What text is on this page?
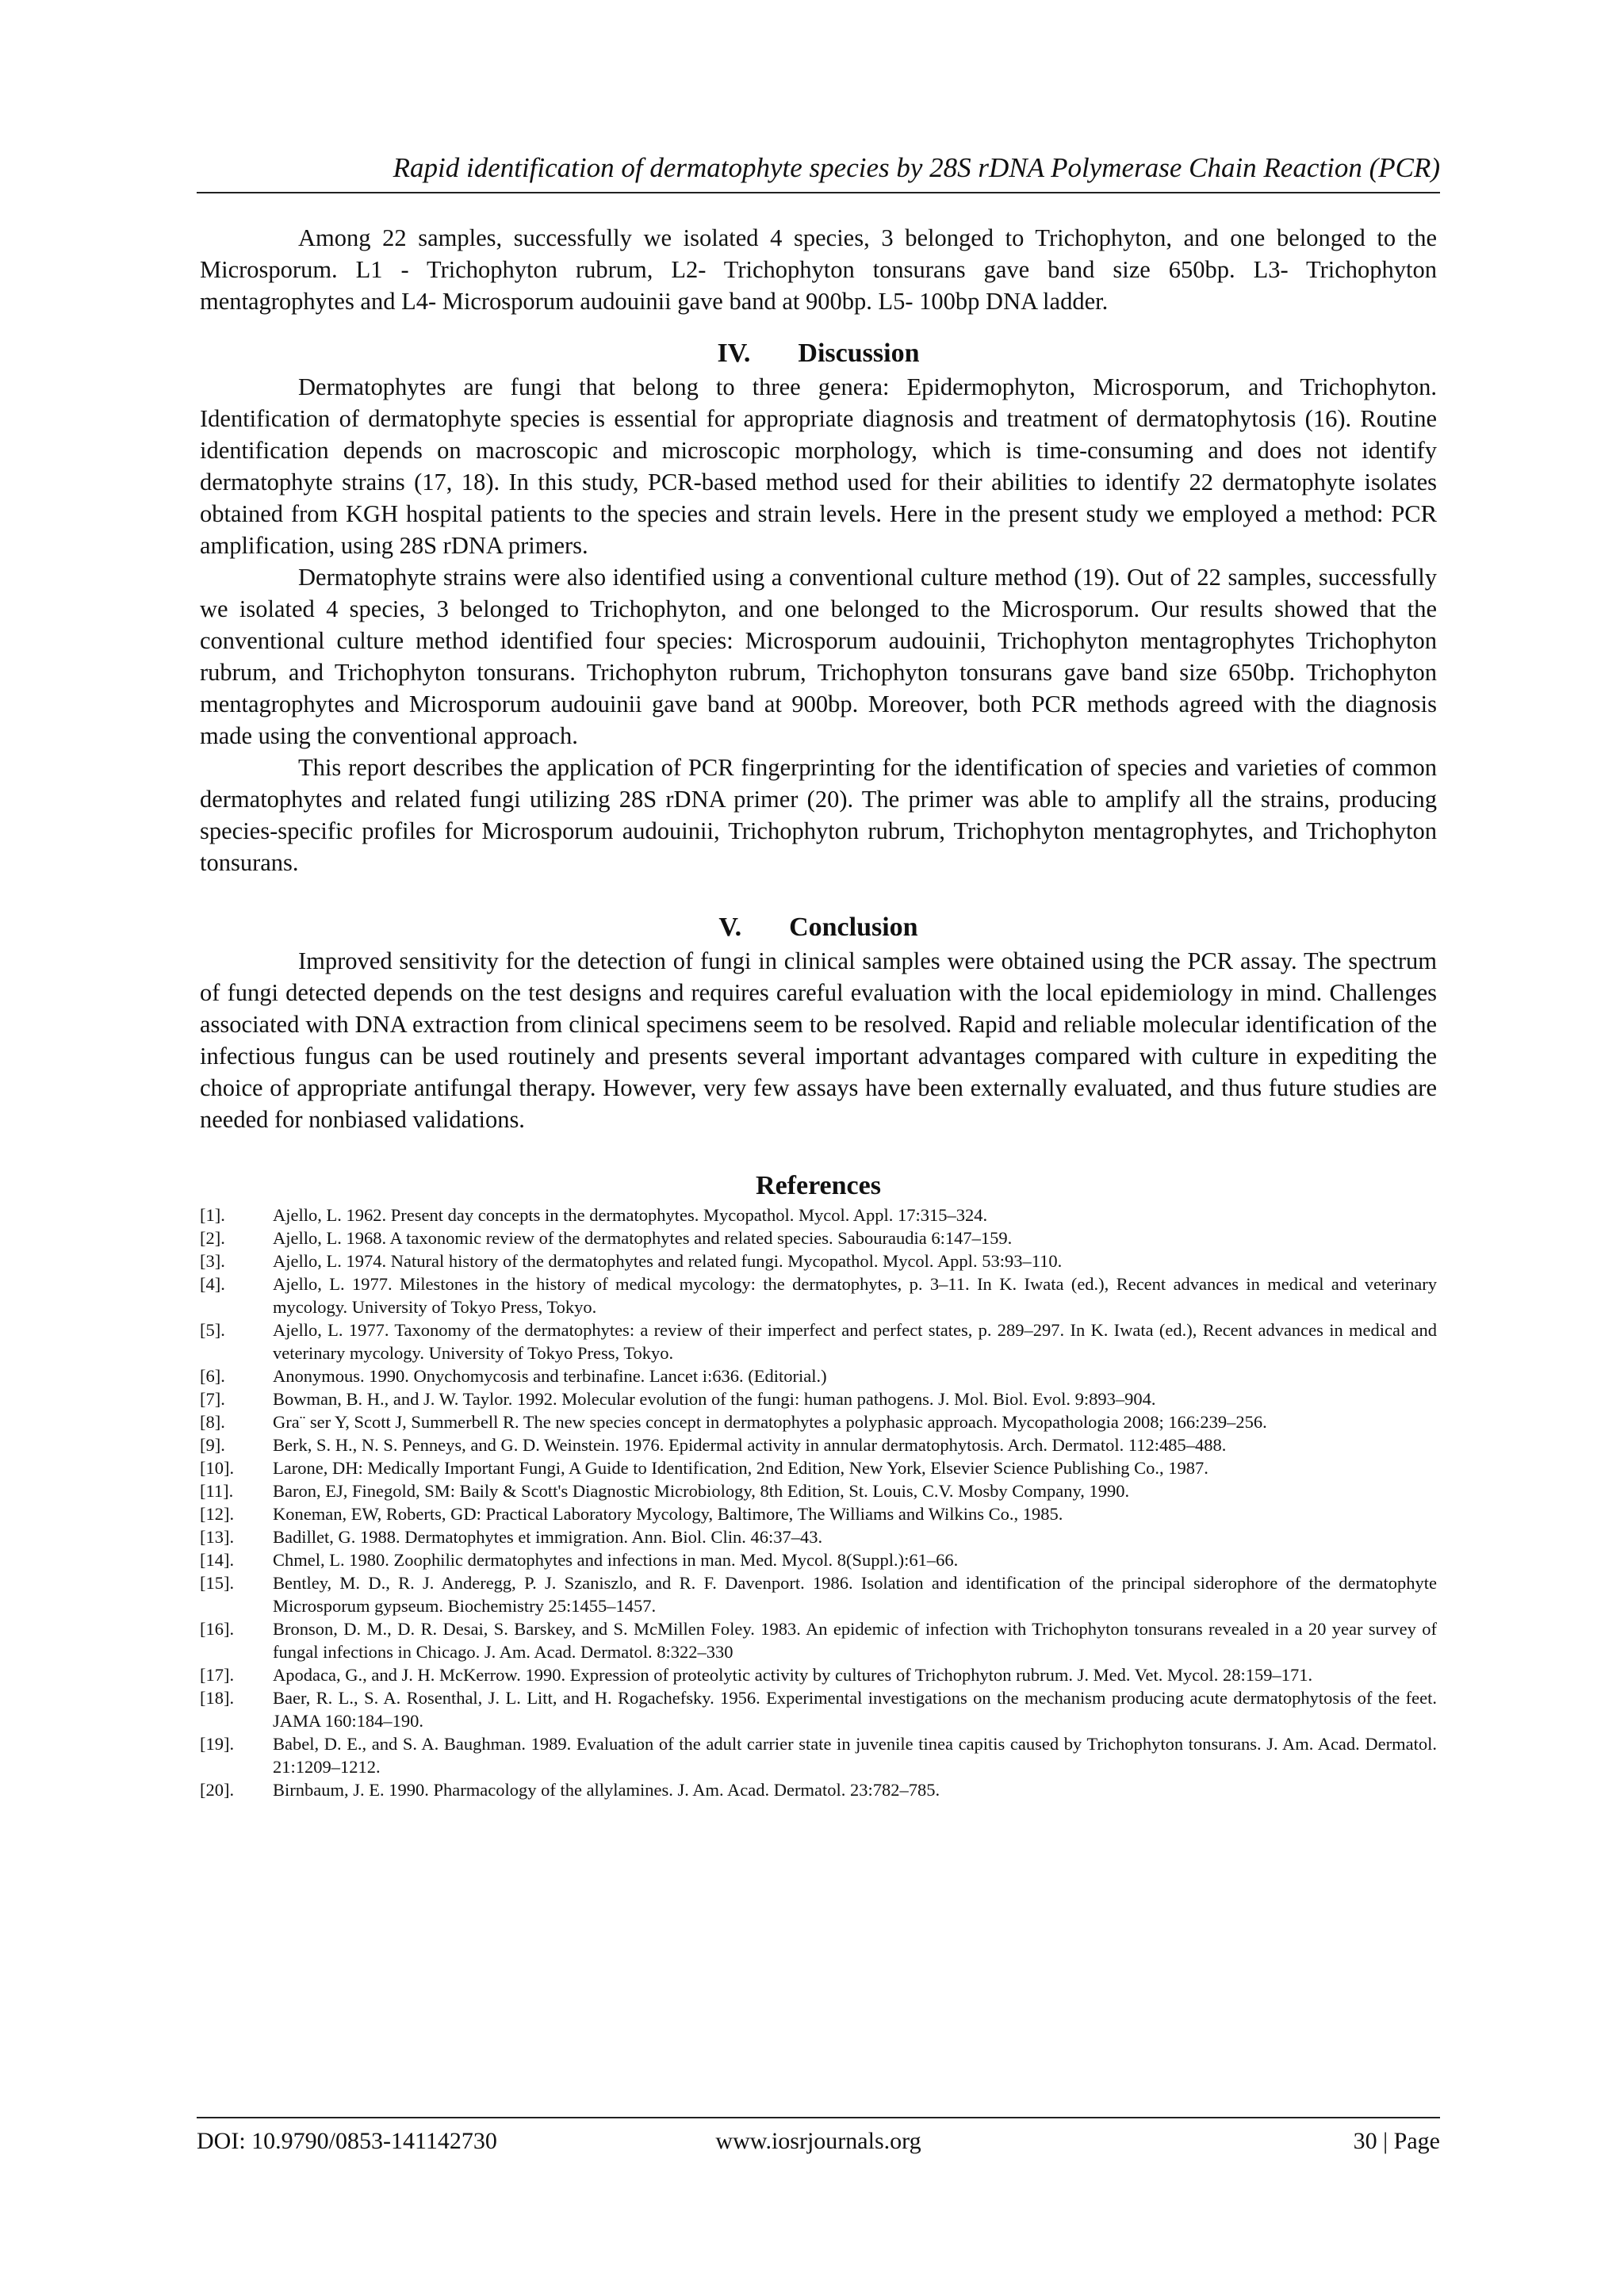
Rapid identification of dermatophyte species by 28S rDNA Polymerase Chain Reaction (PCR)

Among 22 samples, successfully we isolated 4 species, 3 belonged to Trichophyton, and one belonged to the Microsporum. L1 - Trichophyton rubrum, L2- Trichophyton tonsurans gave band size 650bp. L3- Trichophyton mentagrophytes and L4- Microsporum audouinii gave band at 900bp. L5- 100bp DNA ladder.

IV. Discussion

Dermatophytes are fungi that belong to three genera: Epidermophyton, Microsporum, and Trichophyton. Identification of dermatophyte species is essential for appropriate diagnosis and treatment of dermatophytosis (16). Routine identification depends on macroscopic and microscopic morphology, which is time-consuming and does not identify dermatophyte strains (17, 18). In this study, PCR-based method used for their abilities to identify 22 dermatophyte isolates obtained from KGH hospital patients to the species and strain levels. Here in the present study we employed a method: PCR amplification, using 28S rDNA primers.

Dermatophyte strains were also identified using a conventional culture method (19). Out of 22 samples, successfully we isolated 4 species, 3 belonged to Trichophyton, and one belonged to the Microsporum. Our results showed that the conventional culture method identified four species: Microsporum audouinii, Trichophyton mentagrophytes Trichophyton rubrum, and Trichophyton tonsurans. Trichophyton rubrum, Trichophyton tonsurans gave band size 650bp. Trichophyton mentagrophytes and Microsporum audouinii gave band at 900bp. Moreover, both PCR methods agreed with the diagnosis made using the conventional approach.

This report describes the application of PCR fingerprinting for the identification of species and varieties of common dermatophytes and related fungi utilizing 28S rDNA primer (20). The primer was able to amplify all the strains, producing species-specific profiles for Microsporum audouinii, Trichophyton rubrum, Trichophyton mentagrophytes, and Trichophyton tonsurans.

V. Conclusion

Improved sensitivity for the detection of fungi in clinical samples were obtained using the PCR assay. The spectrum of fungi detected depends on the test designs and requires careful evaluation with the local epidemiology in mind. Challenges associated with DNA extraction from clinical specimens seem to be resolved. Rapid and reliable molecular identification of the infectious fungus can be used routinely and presents several important advantages compared with culture in expediting the choice of appropriate antifungal therapy. However, very few assays have been externally evaluated, and thus future studies are needed for nonbiased validations.

References
[1].	Ajello, L. 1962. Present day concepts in the dermatophytes. Mycopathol. Mycol. Appl. 17:315–324.
[2].	Ajello, L. 1968. A taxonomic review of the dermatophytes and related species. Sabouraudia 6:147–159.
[3].	Ajello, L. 1974. Natural history of the dermatophytes and related fungi. Mycopathol. Mycol. Appl. 53:93–110.
[4].	Ajello, L. 1977. Milestones in the history of medical mycology: the dermatophytes, p. 3–11. In K. Iwata (ed.), Recent advances in medical and veterinary mycology. University of Tokyo Press, Tokyo.
[5].	Ajello, L. 1977. Taxonomy of the dermatophytes: a review of their imperfect and perfect states, p. 289–297. In K. Iwata (ed.), Recent advances in medical and veterinary mycology. University of Tokyo Press, Tokyo.
[6].	Anonymous. 1990. Onychomycosis and terbinafine. Lancet i:636. (Editorial.)
[7].	Bowman, B. H., and J. W. Taylor. 1992. Molecular evolution of the fungi: human pathogens. J. Mol. Biol. Evol. 9:893–904.
[8].	Gra¨ ser Y, Scott J, Summerbell R. The new species concept in dermatophytes a polyphasic approach. Mycopathologia 2008; 166:239–256.
[9].	Berk, S. H., N. S. Penneys, and G. D. Weinstein. 1976. Epidermal activity in annular dermatophytosis. Arch. Dermatol. 112:485–488.
[10].	Larone, DH: Medically Important Fungi, A Guide to Identification, 2nd Edition, New York, Elsevier Science Publishing Co., 1987.
[11].	Baron, EJ, Finegold, SM: Baily & Scott's Diagnostic Microbiology, 8th Edition, St. Louis, C.V. Mosby Company, 1990.
[12].	Koneman, EW, Roberts, GD: Practical Laboratory Mycology, Baltimore, The Williams and Wilkins Co., 1985.
[13].	Badillet, G. 1988. Dermatophytes et immigration. Ann. Biol. Clin. 46:37–43.
[14].	Chmel, L. 1980. Zoophilic dermatophytes and infections in man. Med. Mycol. 8(Suppl.):61–66.
[15].	Bentley, M. D., R. J. Anderegg, P. J. Szaniszlo, and R. F. Davenport. 1986. Isolation and identification of the principal siderophore of the dermatophyte Microsporum gypseum. Biochemistry 25:1455–1457.
[16].	Bronson, D. M., D. R. Desai, S. Barskey, and S. McMillen Foley. 1983. An epidemic of infection with Trichophyton tonsurans revealed in a 20 year survey of fungal infections in Chicago. J. Am. Acad. Dermatol. 8:322–330
[17].	Apodaca, G., and J. H. McKerrow. 1990. Expression of proteolytic activity by cultures of Trichophyton rubrum. J. Med. Vet. Mycol. 28:159–171.
[18].	Baer, R. L., S. A. Rosenthal, J. L. Litt, and H. Rogachefsky. 1956. Experimental investigations on the mechanism producing acute dermatophytosis of the feet. JAMA 160:184–190.
[19].	Babel, D. E., and S. A. Baughman. 1989. Evaluation of the adult carrier state in juvenile tinea capitis caused by Trichophyton tonsurans. J. Am. Acad. Dermatol. 21:1209–1212.
[20].	Birnbaum, J. E. 1990. Pharmacology of the allylamines. J. Am. Acad. Dermatol. 23:782–785.
DOI: 10.9790/0853-141142730	www.iosrjournals.org	30 | Page
